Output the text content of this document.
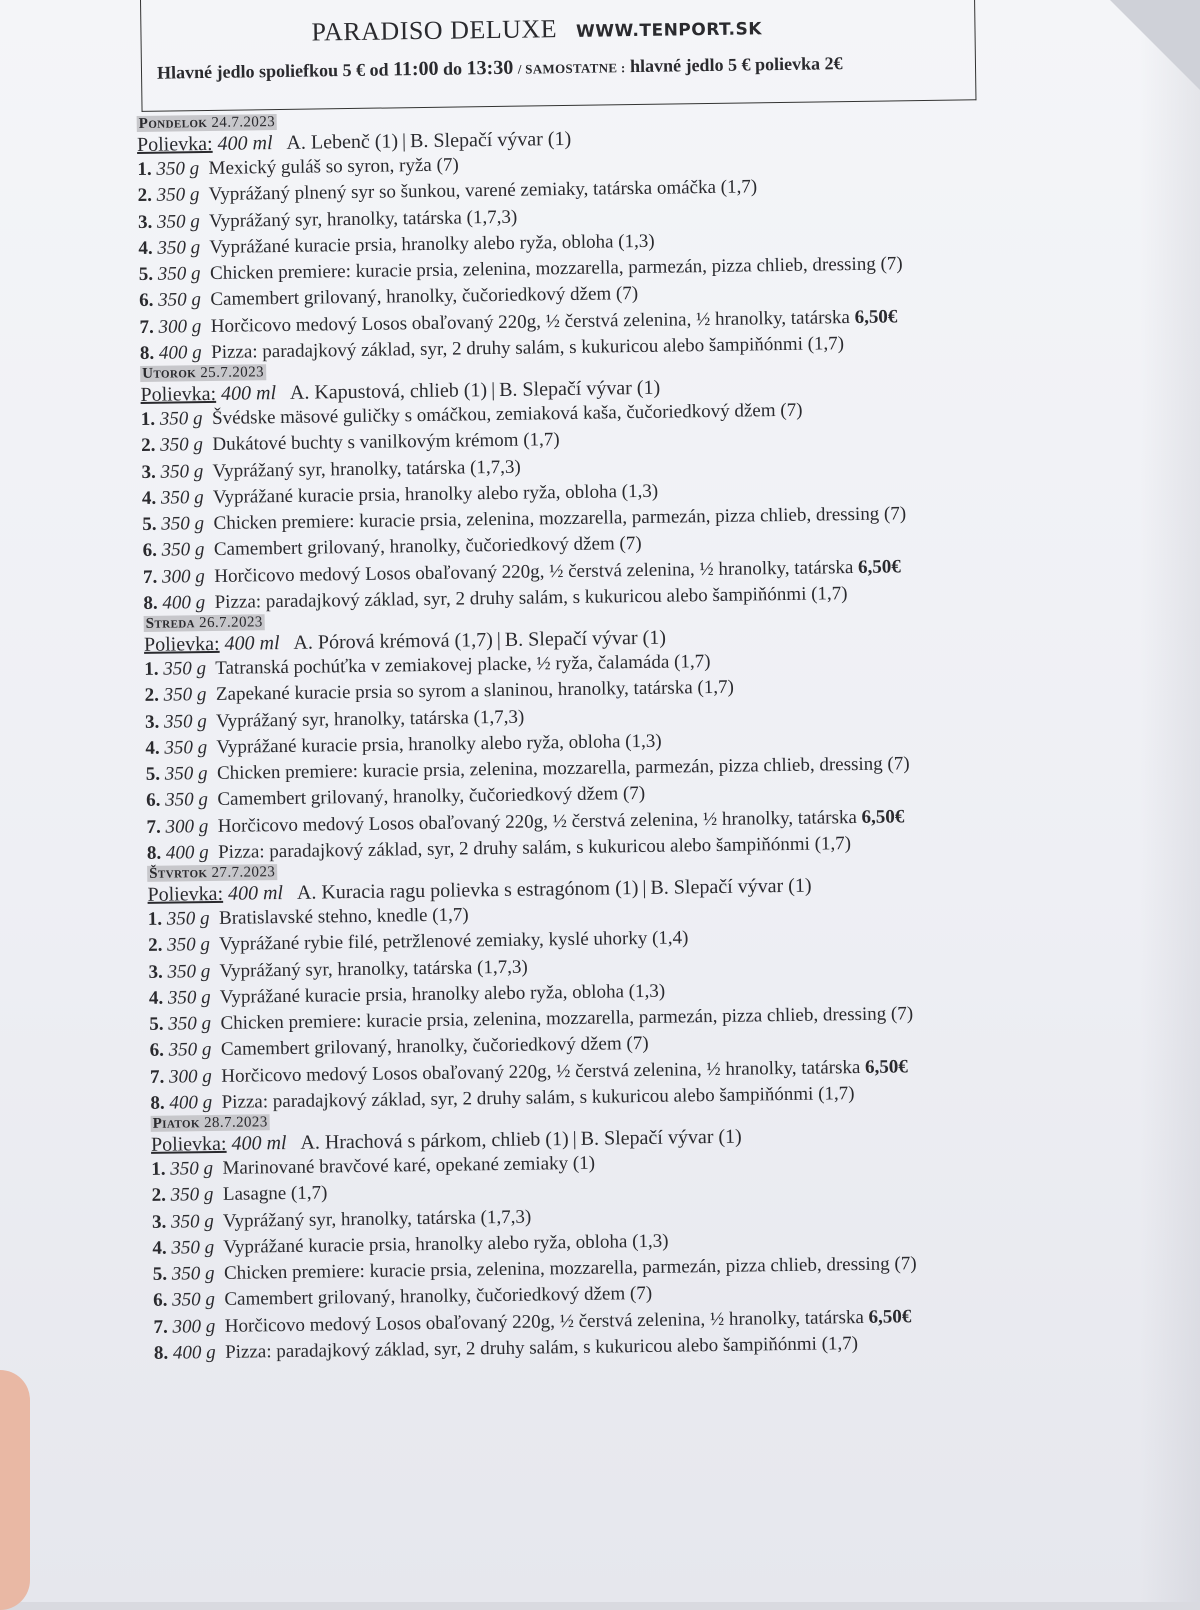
PARADISO DELUXE WWW.TENPORT.SK
Hlavné jedlo spoliefkou 5 € od 11:00 do 13:30 / SAMOSTATNE : hlavné jedlo 5 € polievka 2€
Pondelok 24.7.2023
Polievka: 400 ml A. Lebenč (1) | B. Slepačí vývar (1)
1. 350 g Mexický guláš so syron, ryža (7)
2. 350 g Vyprážaný plnený syr so šunkou, varené zemiaky, tatárska omáčka (1,7)
3. 350 g Vyprážaný syr, hranolky, tatárska (1,7,3)
4. 350 g Vyprážané kuracie prsia, hranolky alebo ryža, obloha (1,3)
5. 350 g Chicken premiere: kuracie prsia, zelenina, mozzarella, parmezán, pizza chlieb, dressing (7)
6. 350 g Camembert grilovaný, hranolky, čučoriedkový džem (7)
7. 300 g Horčicovo medový Losos obaľovaný 220g, ½ čerstvá zelenina, ½ hranolky, tatárska 6,50€
8. 400 g Pizza: paradajkový základ, syr, 2 druhy salám, s kukuricou alebo šampiňónmi (1,7)
Utorok 25.7.2023
Polievka: 400 ml A. Kapustová, chlieb (1) | B. Slepačí vývar (1)
1. 350 g Švédske mäsové guličky s omáčkou, zemiaková kaša, čučoriedkový džem (7)
2. 350 g Dukátové buchty s vanilkovým krémom (1,7)
3. 350 g Vyprážaný syr, hranolky, tatárska (1,7,3)
4. 350 g Vyprážané kuracie prsia, hranolky alebo ryža, obloha (1,3)
5. 350 g Chicken premiere: kuracie prsia, zelenina, mozzarella, parmezán, pizza chlieb, dressing (7)
6. 350 g Camembert grilovaný, hranolky, čučoriedkový džem (7)
7. 300 g Horčicovo medový Losos obaľovaný 220g, ½ čerstvá zelenina, ½ hranolky, tatárska 6,50€
8. 400 g Pizza: paradajkový základ, syr, 2 druhy salám, s kukuricou alebo šampiňónmi (1,7)
Streda 26.7.2023
Polievka: 400 ml A. Pórová krémová (1,7) | B. Slepačí vývar (1)
1. 350 g Tatranská pochúťka v zemiakovej placke, ½ ryža, čalamáda (1,7)
2. 350 g Zapekané kuracie prsia so syrom a slaninou, hranolky, tatárska (1,7)
3. 350 g Vyprážaný syr, hranolky, tatárska (1,7,3)
4. 350 g Vyprážané kuracie prsia, hranolky alebo ryža, obloha (1,3)
5. 350 g Chicken premiere: kuracie prsia, zelenina, mozzarella, parmezán, pizza chlieb, dressing (7)
6. 350 g Camembert grilovaný, hranolky, čučoriedkový džem (7)
7. 300 g Horčicovo medový Losos obaľovaný 220g, ½ čerstvá zelenina, ½ hranolky, tatárska 6,50€
8. 400 g Pizza: paradajkový základ, syr, 2 druhy salám, s kukuricou alebo šampiňónmi (1,7)
Štvrtok 27.7.2023
Polievka: 400 ml A. Kuracia ragu polievka s estragónom (1) | B. Slepačí vývar (1)
1. 350 g Bratislavské stehno, knedle (1,7)
2. 350 g Vyprážané rybie filé, petržlenové zemiaky, kyslé uhorky (1,4)
3. 350 g Vyprážaný syr, hranolky, tatárska (1,7,3)
4. 350 g Vyprážané kuracie prsia, hranolky alebo ryža, obloha (1,3)
5. 350 g Chicken premiere: kuracie prsia, zelenina, mozzarella, parmezán, pizza chlieb, dressing (7)
6. 350 g Camembert grilovaný, hranolky, čučoriedkový džem (7)
7. 300 g Horčicovo medový Losos obaľovaný 220g, ½ čerstvá zelenina, ½ hranolky, tatárska 6,50€
8. 400 g Pizza: paradajkový základ, syr, 2 druhy salám, s kukuricou alebo šampiňónmi (1,7)
Piatok 28.7.2023
Polievka: 400 ml A. Hrachová s párkom, chlieb (1) | B. Slepačí vývar (1)
1. 350 g Marinované bravčové karé, opekané zemiaky (1)
2. 350 g Lasagne (1,7)
3. 350 g Vyprážaný syr, hranolky, tatárska (1,7,3)
4. 350 g Vyprážané kuracie prsia, hranolky alebo ryža, obloha (1,3)
5. 350 g Chicken premiere: kuracie prsia, zelenina, mozzarella, parmezán, pizza chlieb, dressing (7)
6. 350 g Camembert grilovaný, hranolky, čučoriedkový džem (7)
7. 300 g Horčicovo medový Losos obaľovaný 220g, ½ čerstvá zelenina, ½ hranolky, tatárska 6,50€
8. 400 g Pizza: paradajkový základ, syr, 2 druhy salám, s kukuricou alebo šampiňónmi (1,7)
